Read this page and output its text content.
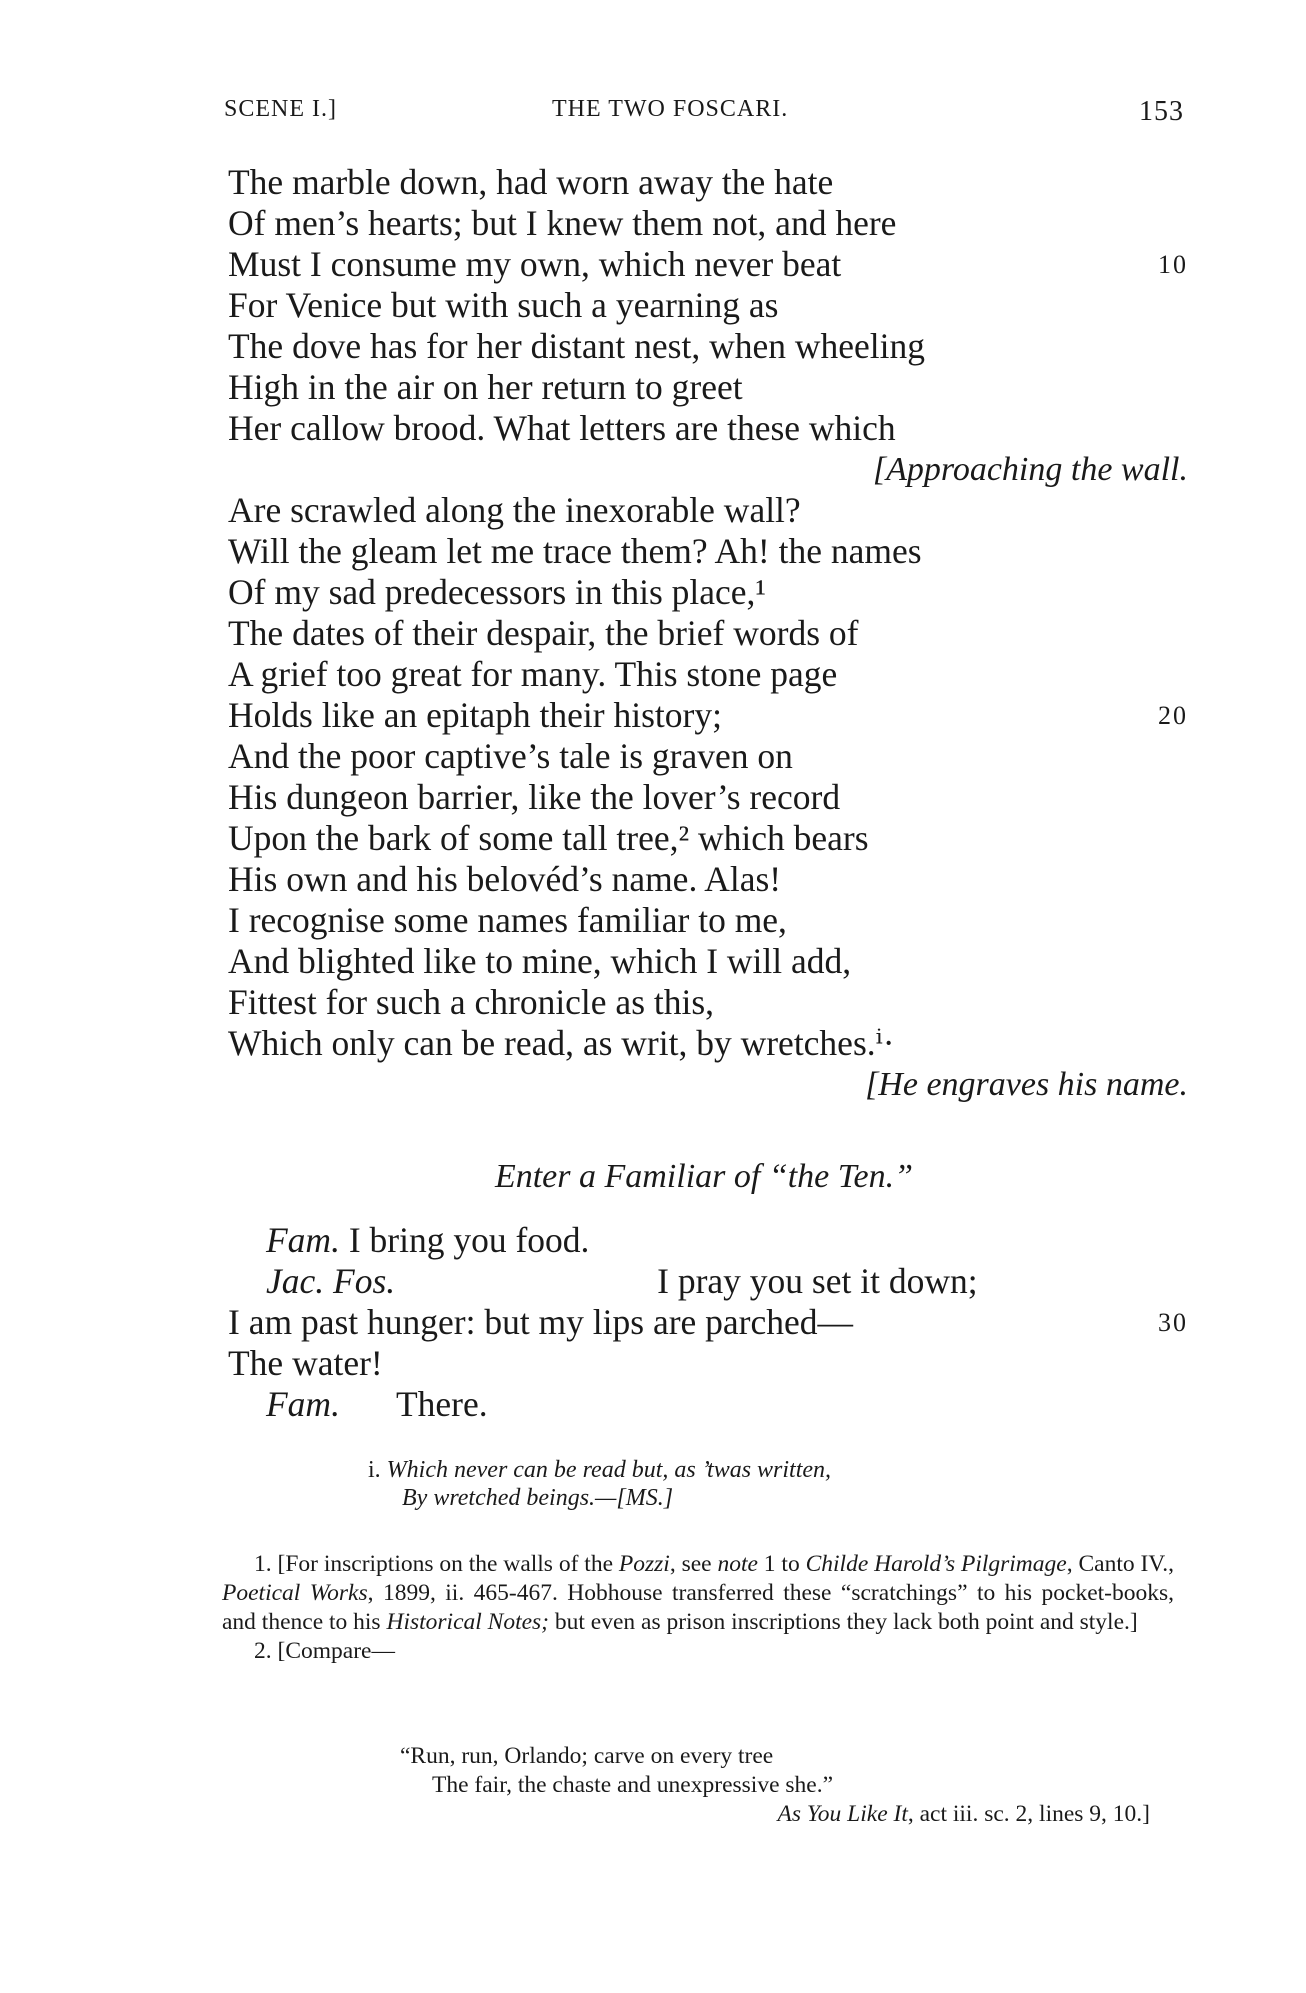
SCENE I.]	THE TWO FOSCARI.	153
The marble down, had worn away the hate
Of men’s hearts; but I knew them not, and here
Must I consume my own, which never beat	10
For Venice but with such a yearning as
The dove has for her distant nest, when wheeling
High in the air on her return to greet
Her callow brood. What letters are these which
[Approaching the wall.
Are scrawled along the inexorable wall?
Will the gleam let me trace them? Ah! the names
Of my sad predecessors in this place,¹
The dates of their despair, the brief words of
A grief too great for many. This stone page
Holds like an epitaph their history;	20
And the poor captive’s tale is graven on
His dungeon barrier, like the lover’s record
Upon the bark of some tall tree,² which bears
His own and his belovéd’s name. Alas!
I recognise some names familiar to me,
And blighted like to mine, which I will add,
Fittest for such a chronicle as this,
Which only can be read, as writ, by wretches.ⁱ·
[He engraves his name.
Enter a Familiar of “the Ten.”
Fam. I bring you food.
Jac. Fos.	I pray you set it down;
I am past hunger: but my lips are parched—	30
The water!
Fam. There.
i. Which never can be read but, as ’twas written,
By wretched beings.—[MS.]
1. [For inscriptions on the walls of the Pozzi, see note 1 to Childe Harold’s Pilgrimage, Canto IV., Poetical Works, 1899, ii. 465-467. Hobhouse transferred these “scratchings” to his pocket-books, and thence to his Historical Notes; but even as prison inscriptions they lack both point and style.]
2. [Compare—
“Run, run, Orlando; carve on every tree
The fair, the chaste and unexpressive she.”
As You Like It, act iii. sc. 2, lines 9, 10.]
